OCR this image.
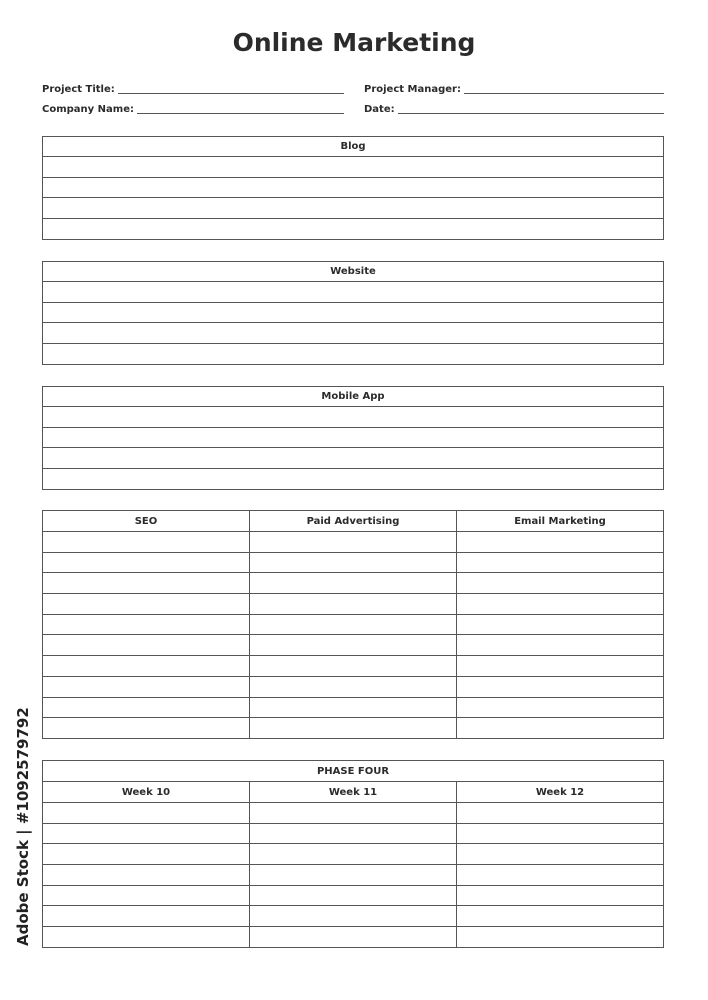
Online Marketing
Project Title:
Company Name:
Project Manager:
Date:
Blog
Website
Mobile App
SEO	Paid Advertising	Email Marketing

PHASE FOUR		
Week 10	Week 11	Week 12

Adobe Stock | #1092579792
